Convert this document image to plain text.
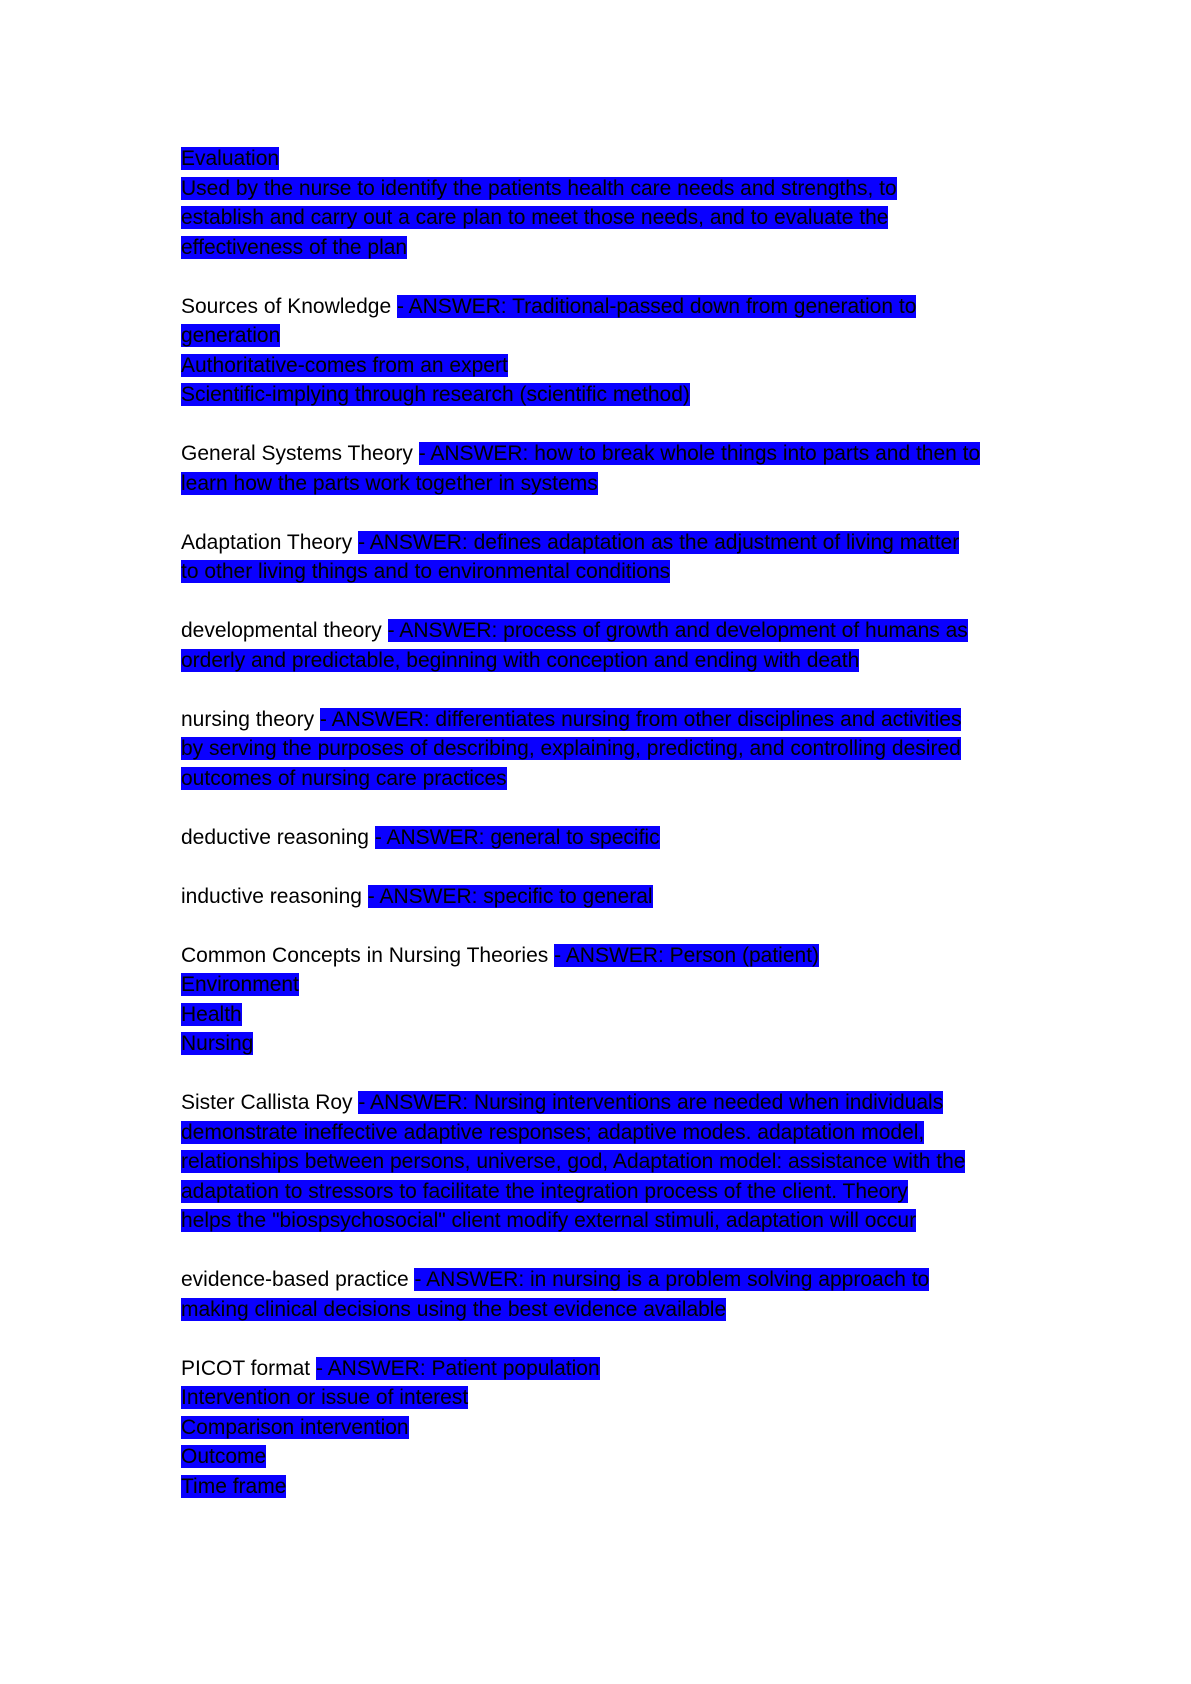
Evaluation
Used by the nurse to identify the patients health care needs and strengths, to
establish and carry out a care plan to meet those needs, and to evaluate the
effectiveness of the plan
Sources of Knowledge - ANSWER: Traditional-passed down from generation to
generation
Authoritative-comes from an expert
Scientific-implying through research (scientific method)
General Systems Theory - ANSWER: how to break whole things into parts and then to
learn how the parts work together in systems
Adaptation Theory - ANSWER: defines adaptation as the adjustment of living matter
to other living things and to environmental conditions
developmental theory - ANSWER: process of growth and development of humans as
orderly and predictable, beginning with conception and ending with death
nursing theory - ANSWER: differentiates nursing from other disciplines and activities
by serving the purposes of describing, explaining, predicting, and controlling desired
outcomes of nursing care practices
deductive reasoning - ANSWER: general to specific
inductive reasoning - ANSWER: specific to general
Common Concepts in Nursing Theories - ANSWER: Person (patient)
Environment
Health
Nursing
Sister Callista Roy - ANSWER: Nursing interventions are needed when individuals
demonstrate ineffective adaptive responses; adaptive modes. adaptation model,
relationships between persons, universe, god, Adaptation model: assistance with the
adaptation to stressors to facilitate the integration process of the client. Theory
helps the "biospsychosocial" client modify external stimuli, adaptation will occur
evidence-based practice - ANSWER: in nursing is a problem solving approach to
making clinical decisions using the best evidence available
PICOT format - ANSWER: Patient population
Intervention or issue of interest
Comparison intervention
Outcome
Time frame
